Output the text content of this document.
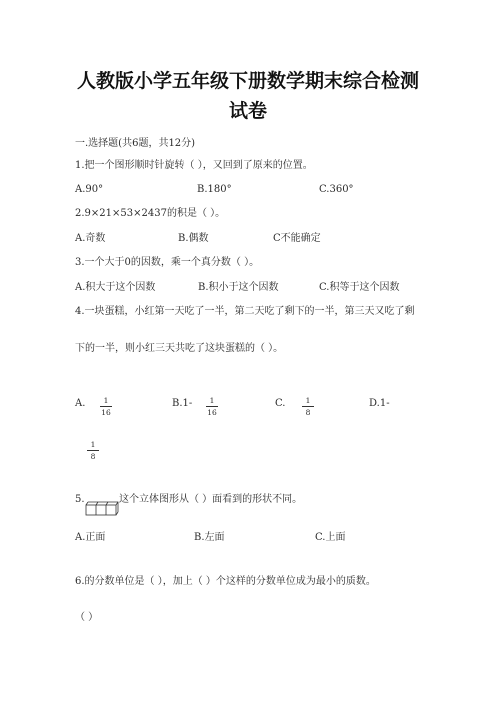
人教版小学五年级下册数学期末综合检测
试卷
一.选择题(共6题，共12分)
1.把一个图形顺时针旋转（ ），又回到了原来的位置。
A.90°	B.180°	C.360°
2.9×21×53×2437的积是（ ）。
A.奇数	B.偶数	C不能确定
3.一个大于0的因数，乘一个真分数（ ）。
A.积大于这个因数	B.积小于这个因数	C.积等于这个因数
4.一块蛋糕，小红第一天吃了一半，第二天吃了剩下的一半，第三天又吃了剩
下的一半，则小红三天共吃了这块蛋糕的（ ）。
A.	1
16
B.1-	1
16
C.	1
8
D.1-
1
8
5.	这个立体图形从（ ）面看到的形状不同。
A.正面	B.左面	C.上面
6.的分数单位是（ ），加上（ ）个这样的分数单位成为最小的质数。
（ ）
